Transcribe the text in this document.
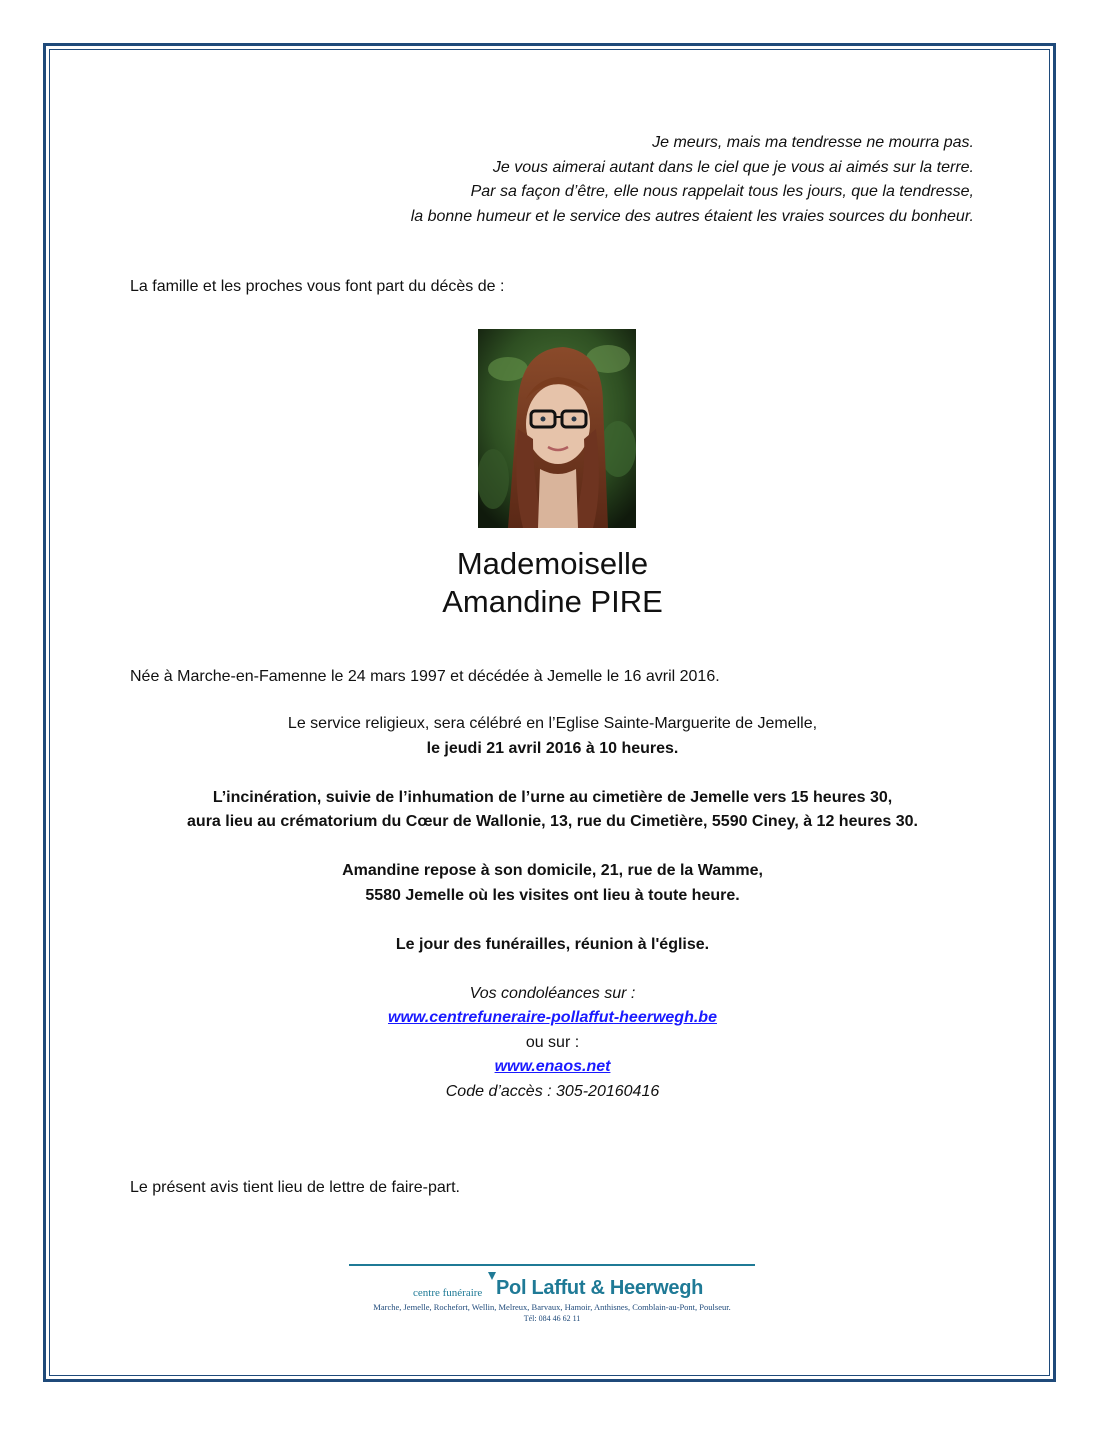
Je meurs, mais ma tendresse ne mourra pas.
Je vous aimerai autant dans le ciel que je vous ai aimés sur la terre.
Par sa façon d’être, elle nous rappelait tous les jours, que la tendresse,
la bonne humeur et le service des autres étaient les vraies sources du bonheur.
La famille et les proches vous font part du décès de :
Mademoiselle
Amandine PIRE
Née à Marche-en-Famenne le 24 mars 1997 et décédée à Jemelle le 16 avril 2016.
Le service religieux, sera célébré en l’Eglise Sainte-Marguerite de Jemelle,
le jeudi 21 avril 2016 à 10 heures.
L’incinération, suivie de l’inhumation de l’urne au cimetière de Jemelle vers 15 heures 30,
aura lieu au crématorium du Cœur de Wallonie, 13, rue du Cimetière, 5590 Ciney, à 12 heures 30.
Amandine repose à son domicile, 21, rue de la Wamme,
5580 Jemelle où les visites ont lieu à toute heure.
Le jour des funérailles, réunion à l'église.
Vos condoléances sur :
www.centrefuneraire-pollaffut-heerwegh.be
ou sur :
www.enaos.net
Code d’accès : 305-20160416
Le présent avis tient lieu de lettre de faire-part.
centre funéraire Pol Laffut & Heerwegh
Marche, Jemelle, Rochefort, Wellin, Melreux, Barvaux, Hamoir, Anthisnes, Comblain-au-Pont, Poulseur.
Tél: 084 46 62 11
